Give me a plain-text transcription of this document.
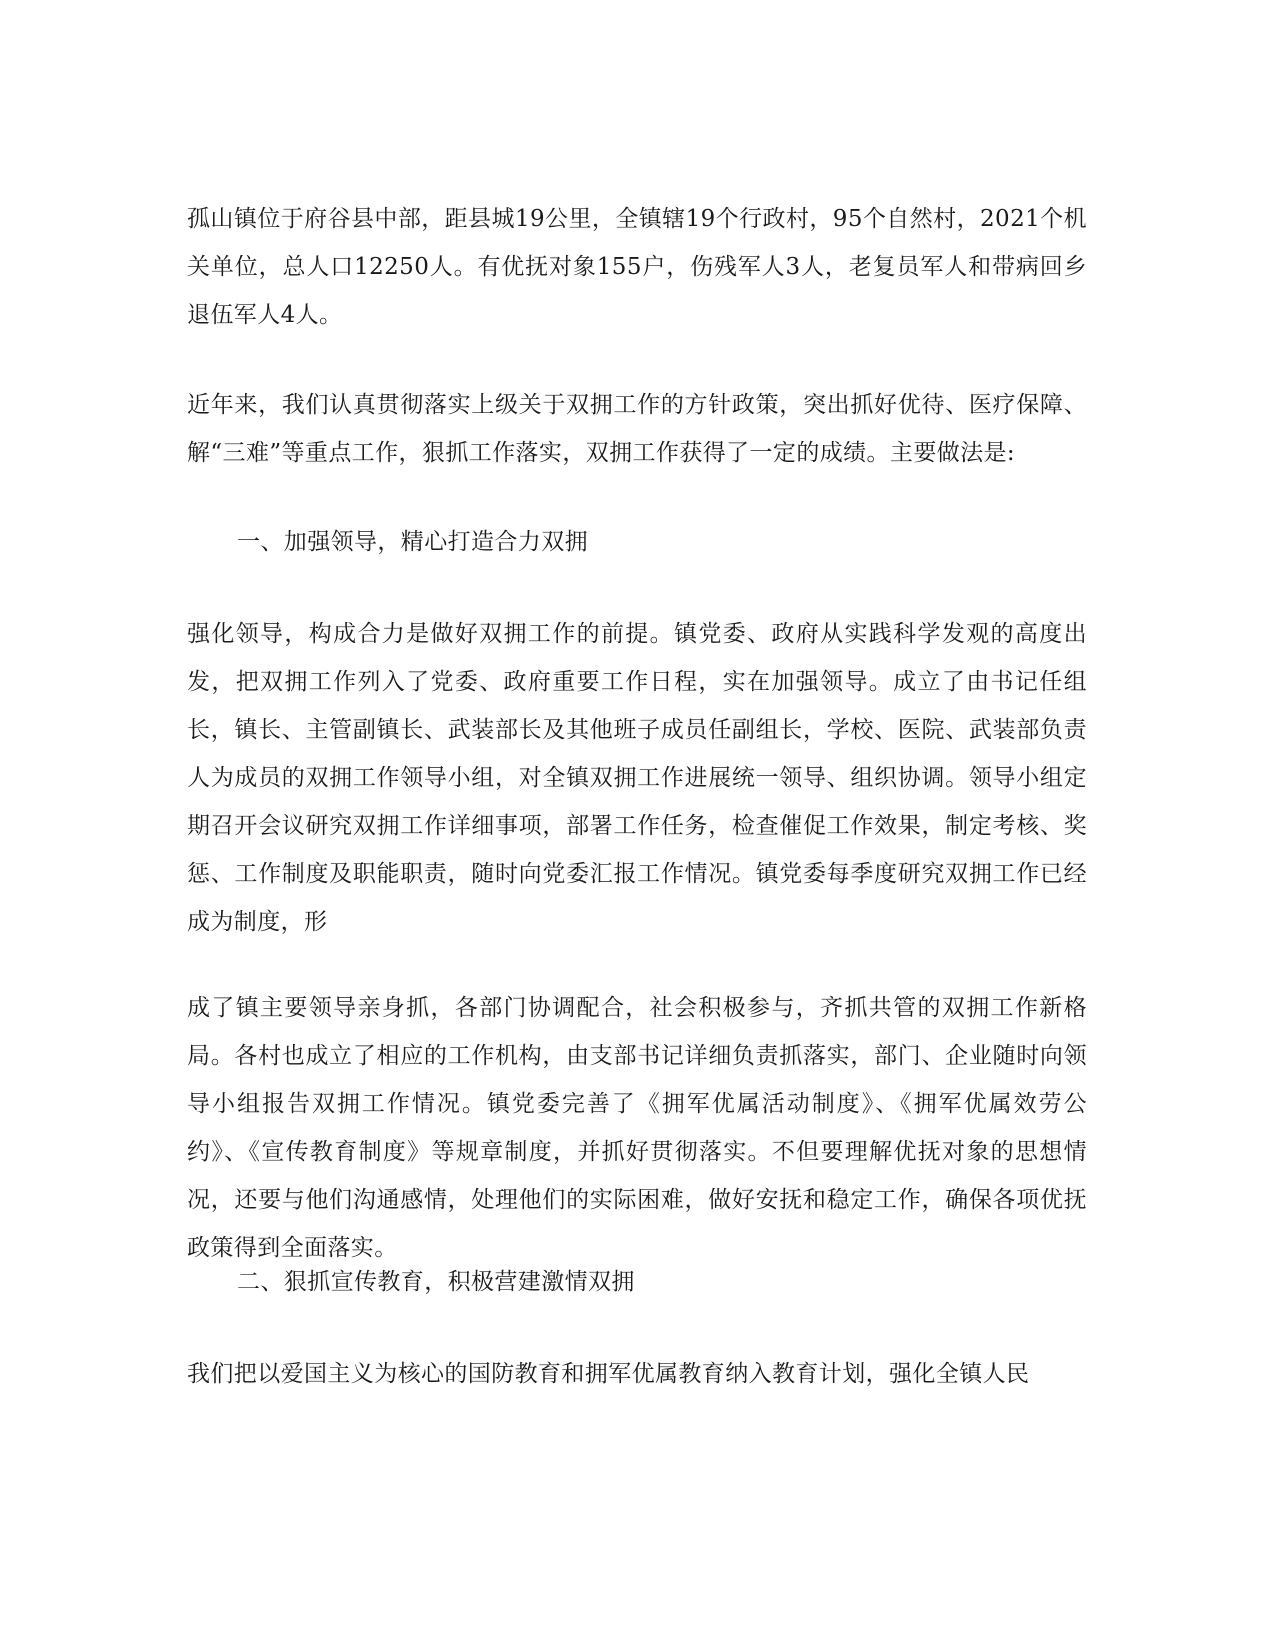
孤山镇位于府谷县中部，距县城19公里，全镇辖19个行政村，95个自然村，2021个机关单位，总人口12250人。有优抚对象155户，伤残军人3人，老复员军人和带病回乡退伍军人4人。

近年来，我们认真贯彻落实上级关于双拥工作的方针政策，突出抓好优待、医疗保障、解“三难”等重点工作，狠抓工作落实，双拥工作获得了一定的成绩。主要做法是:

一、加强领导，精心打造合力双拥

强化领导，构成合力是做好双拥工作的前提。镇党委、政府从实践科学发观的高度出发，把双拥工作列入了党委、政府重要工作日程，实在加强领导。成立了由书记任组长，镇长、主管副镇长、武装部长及其他班子成员任副组长，学校、医院、武装部负责人为成员的双拥工作领导小组，对全镇双拥工作进展统一领导、组织协调。领导小组定期召开会议研究双拥工作详细事项，部署工作任务，检查催促工作效果，制定考核、奖惩、工作制度及职能职责，随时向党委汇报工作情况。镇党委每季度研究双拥工作已经成为制度，形

成了镇主要领导亲身抓，各部门协调配合，社会积极参与，齐抓共管的双拥工作新格局。各村也成立了相应的工作机构，由支部书记详细负责抓落实，部门、企业随时向领导小组报告双拥工作情况。镇党委完善了《拥军优属活动制度》、《拥军优属效劳公约》、《宣传教育制度》等规章制度，并抓好贯彻落实。不但要理解优抚对象的思想情况，还要与他们沟通感情，处理他们的实际困难，做好安抚和稳定工作，确保各项优抚政策得到全面落实。

二、狠抓宣传教育，积极营建激情双拥

我们把以爱国主义为核心的国防教育和拥军优属教育纳入教育计划，强化全镇人民
